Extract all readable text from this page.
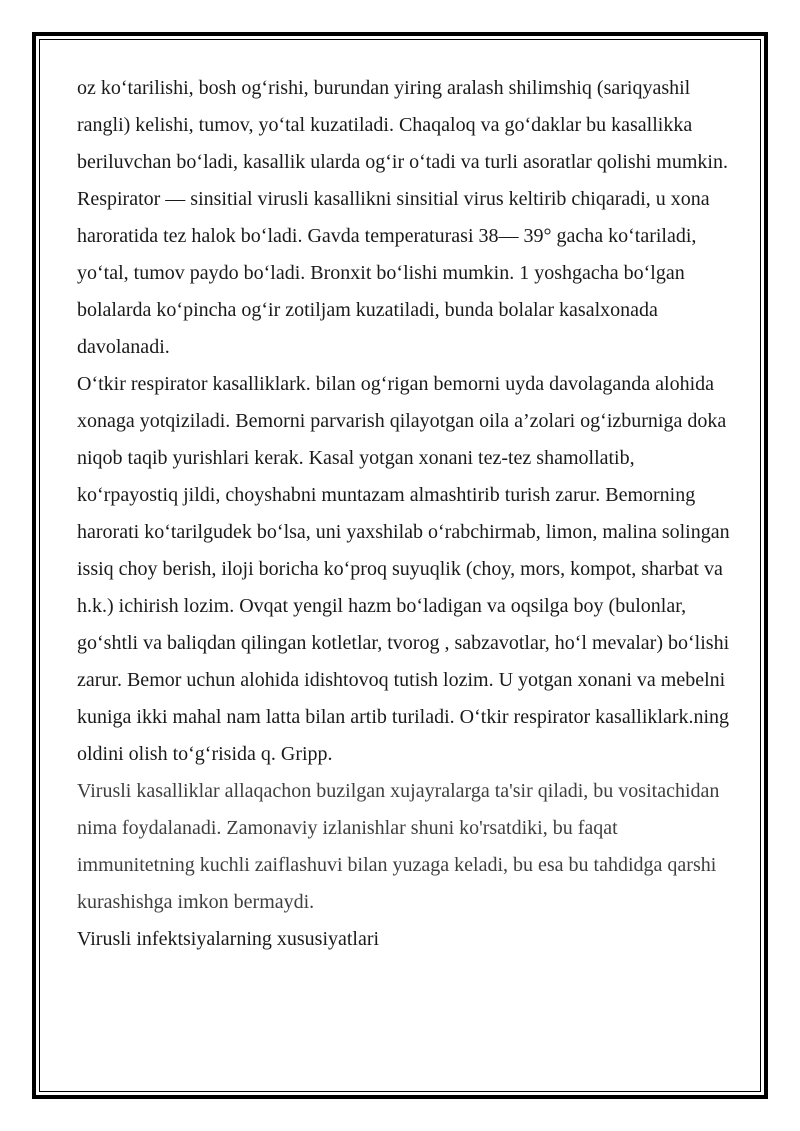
oz ko‘tarilishi, bosh og‘rishi, burundan yiring aralash shilimshiq (sariqyashil rangli) kelishi, tumov, yo‘tal kuzatiladi. Chaqaloq va go‘daklar bu kasallikka beriluvchan bo‘ladi, kasallik ularda og‘ir o‘tadi va turli asoratlar qolishi mumkin.

Respirator — sinsitial virusli kasallikni sinsitial virus keltirib chiqaradi, u xona haroratida tez halok bo‘ladi. Gavda temperaturasi 38— 39° gacha ko‘tariladi, yo‘tal, tumov paydo bo‘ladi. Bronxit bo‘lishi mumkin. 1 yoshgacha bo‘lgan bolalarda ko‘pincha og‘ir zotiljam kuzatiladi, bunda bolalar kasalxonada davolanadi.

O‘tkir respirator kasalliklark. bilan og‘rigan bemorni uyda davolaganda alohida xonaga yotqiziladi. Bemorni parvarish qilayotgan oila a’zolari og‘izburniga doka niqob taqib yurishlari kerak. Kasal yotgan xonani tez-tez shamollatib, ko‘rpayostiq jildi, choyshabni muntazam almashtirib turish zarur. Bemorning harorati ko‘tarilgudek bo‘lsa, uni yaxshilab o‘rabchirmab, limon, malina solingan issiq choy berish, iloji boricha ko‘proq suyuqlik (choy, mors, kompot, sharbat va h.k.) ichirish lozim. Ovqat yengil hazm bo‘ladigan va oqsilga boy (bulonlar, go‘shtli va baliqdan qilingan kotletlar, tvorog , sabzavotlar, ho‘l mevalar) bo‘lishi zarur. Bemor uchun alohida idishtovoq tutish lozim. U yotgan xonani va mebelni kuniga ikki mahal nam latta bilan artib turiladi. O‘tkir respirator kasalliklark.ning oldini olish to‘g‘risida q. Gripp.

Virusli kasalliklar allaqachon buzilgan xujayralarga ta'sir qiladi, bu vositachidan nima foydalanadi. Zamonaviy izlanishlar shuni ko'rsatdiki, bu faqat immunitetning kuchli zaiflashuvi bilan yuzaga keladi, bu esa bu tahdidga qarshi kurashishga imkon bermaydi.

Virusli infektsiyalarning xususiyatlari
